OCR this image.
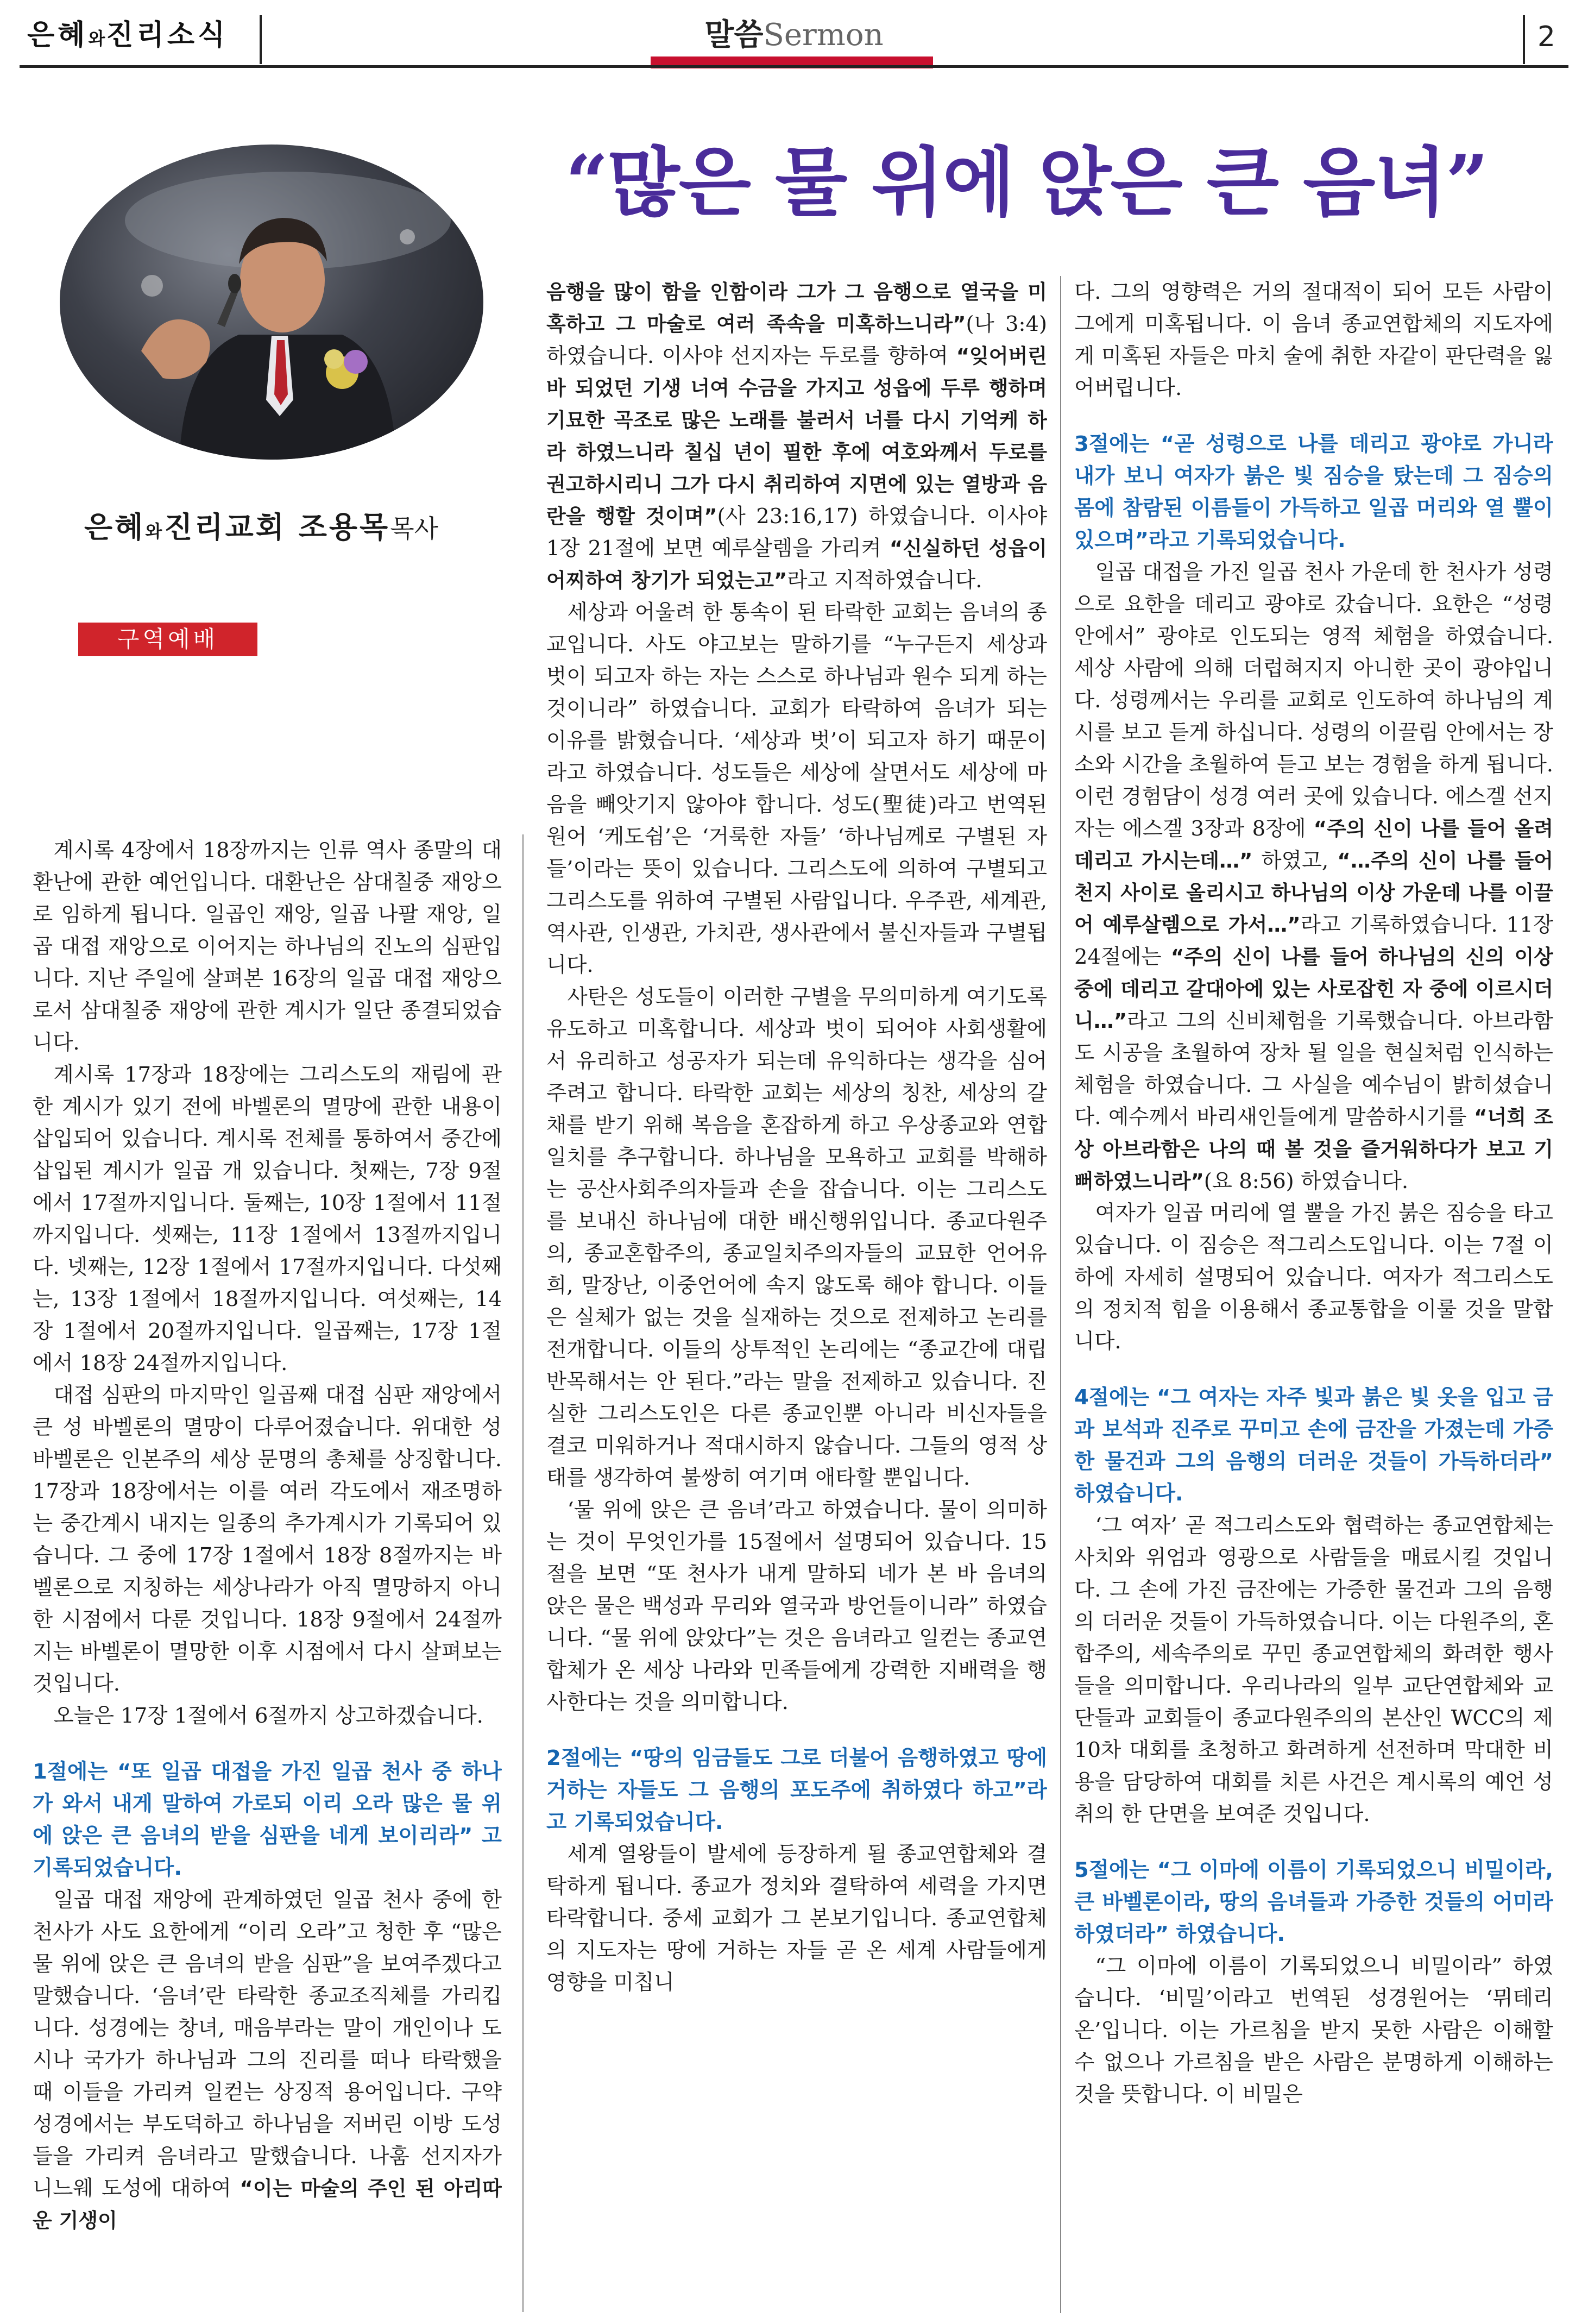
은혜와진리소식	말씀Sermon	2
은혜와진리교회 조용목목사
· 성경 : 요한계시록 17장 1절~6절
· 찬송 : 은혜와진리찬양 363장
구역예배
“많은 물 위에 앉은 큰 음녀”

계시록 4장에서 18장까지는 인류 역사 종말의 대환난에 관한 예언입니다. 대환난은 삼대칠중 재앙으로 임하게 됩니다. 일곱인 재앙, 일곱 나팔 재앙, 일곱 대접 재앙으로 이어지는 하나님의 진노의 심판입니다. 지난 주일에 살펴본 16장의 일곱 대접 재앙으로서 삼대칠중 재앙에 관한 계시가 일단 종결되었습니다.

계시록 17장과 18장에는 그리스도의 재림에 관한 계시가 있기 전에 바벨론의 멸망에 관한 내용이 삽입되어 있습니다. 계시록 전체를 통하여서 중간에 삽입된 계시가 일곱 개 있습니다. 첫째는, 7장 9절에서 17절까지입니다. 둘째는, 10장 1절에서 11절까지입니다. 셋째는, 11장 1절에서 13절까지입니다. 넷째는, 12장 1절에서 17절까지입니다. 다섯째는, 13장 1절에서 18절까지입니다. 여섯째는, 14장 1절에서 20절까지입니다. 일곱째는, 17장 1절에서 18장 24절까지입니다.

대접 심판의 마지막인 일곱째 대접 심판 재앙에서 큰 성 바벨론의 멸망이 다루어졌습니다. 위대한 성 바벨론은 인본주의 세상 문명의 총체를 상징합니다. 17장과 18장에서는 이를 여러 각도에서 재조명하는 중간계시 내지는 일종의 추가계시가 기록되어 있습니다. 그 중에 17장 1절에서 18장 8절까지는 바벨론으로 지칭하는 세상나라가 아직 멸망하지 아니한 시점에서 다룬 것입니다. 18장 9절에서 24절까지는 바벨론이 멸망한 이후 시점에서 다시 살펴보는 것입니다.

오늘은 17장 1절에서 6절까지 상고하겠습니다.

1절에는 “또 일곱 대접을 가진 일곱 천사 중 하나가 와서 내게 말하여 가로되 이리 오라 많은 물 위에 앉은 큰 음녀의 받을 심판을 네게 보이리라” 고 기록되었습니다.

일곱 대접 재앙에 관계하였던 일곱 천사 중에 한 천사가 사도 요한에게 “이리 오라”고 청한 후 “많은 물 위에 앉은 큰 음녀의 받을 심판”을 보여주겠다고 말했습니다. ‘음녀’란 타락한 종교조직체를 가리킵니다. 성경에는 창녀, 매음부라는 말이 개인이나 도시나 국가가 하나님과 그의 진리를 떠나 타락했을 때 이들을 가리켜 일컫는 상징적 용어입니다. 구약성경에서는 부도덕하고 하나님을 저버린 이방 도성들을 가리켜 음녀라고 말했습니다. 나훔 선지자가 니느웨 도성에 대하여 “이는 마술의 주인 된 아리따운 기생이

음행을 많이 함을 인함이라 그가 그 음행으로 열국을 미혹하고 그 마술로 여러 족속을 미혹하느니라”(나 3:4) 하였습니다. 이사야 선지자는 두로를 향하여 “잊어버린 바 되었던 기생 너여 수금을 가지고 성읍에 두루 행하며 기묘한 곡조로 많은 노래를 불러서 너를 다시 기억케 하라 하였느니라 칠십 년이 필한 후에 여호와께서 두로를 권고하시리니 그가 다시 취리하여 지면에 있는 열방과 음란을 행할 것이며”(사 23:16,17) 하였습니다. 이사야 1장 21절에 보면 예루살렘을 가리켜 “신실하던 성읍이 어찌하여 창기가 되었는고”라고 지적하였습니다.

세상과 어울려 한 통속이 된 타락한 교회는 음녀의 종교입니다. 사도 야고보는 말하기를 “누구든지 세상과 벗이 되고자 하는 자는 스스로 하나님과 원수 되게 하는 것이니라” 하였습니다. 교회가 타락하여 음녀가 되는 이유를 밝혔습니다. ‘세상과 벗’이 되고자 하기 때문이라고 하였습니다. 성도들은 세상에 살면서도 세상에 마음을 빼앗기지 않아야 합니다. 성도(聖徒)라고 번역된 원어 ‘케도쉼’은 ‘거룩한 자들’ ‘하나님께로 구별된 자들’이라는 뜻이 있습니다. 그리스도에 의하여 구별되고 그리스도를 위하여 구별된 사람입니다. 우주관, 세계관, 역사관, 인생관, 가치관, 생사관에서 불신자들과 구별됩니다.

사탄은 성도들이 이러한 구별을 무의미하게 여기도록 유도하고 미혹합니다. 세상과 벗이 되어야 사회생활에서 유리하고 성공자가 되는데 유익하다는 생각을 심어주려고 합니다. 타락한 교회는 세상의 칭찬, 세상의 갈채를 받기 위해 복음을 혼잡하게 하고 우상종교와 연합 일치를 추구합니다. 하나님을 모욕하고 교회를 박해하는 공산사회주의자들과 손을 잡습니다. 이는 그리스도를 보내신 하나님에 대한 배신행위입니다. 종교다원주의, 종교혼합주의, 종교일치주의자들의 교묘한 언어유희, 말장난, 이중언어에 속지 않도록 해야 합니다. 이들은 실체가 없는 것을 실재하는 것으로 전제하고 논리를 전개합니다. 이들의 상투적인 논리에는 “종교간에 대립 반목해서는 안 된다.”라는 말을 전제하고 있습니다. 진실한 그리스도인은 다른 종교인뿐 아니라 비신자들을 결코 미워하거나 적대시하지 않습니다. 그들의 영적 상태를 생각하여 불쌍히 여기며 애타할 뿐입니다.

‘물 위에 앉은 큰 음녀’라고 하였습니다. 물이 의미하는 것이 무엇인가를 15절에서 설명되어 있습니다. 15절을 보면 “또 천사가 내게 말하되 네가 본 바 음녀의 앉은 물은 백성과 무리와 열국과 방언들이니라” 하였습니다. “물 위에 앉았다”는 것은 음녀라고 일컫는 종교연합체가 온 세상 나라와 민족들에게 강력한 지배력을 행사한다는 것을 의미합니다.

2절에는 “땅의 임금들도 그로 더불어 음행하였고 땅에 거하는 자들도 그 음행의 포도주에 취하였다 하고”라고 기록되었습니다.

세계 열왕들이 발세에 등장하게 될 종교연합체와 결탁하게 됩니다. 종교가 정치와 결탁하여 세력을 가지면 타락합니다. 중세 교회가 그 본보기입니다. 종교연합체의 지도자는 땅에 거하는 자들 곧 온 세계 사람들에게 영향을 미칩니

다. 그의 영향력은 거의 절대적이 되어 모든 사람이 그에게 미혹됩니다. 이 음녀 종교연합체의 지도자에게 미혹된 자들은 마치 술에 취한 자같이 판단력을 잃어버립니다.

3절에는 “곧 성령으로 나를 데리고 광야로 가니라 내가 보니 여자가 붉은 빛 짐승을 탔는데 그 짐승의 몸에 참람된 이름들이 가득하고 일곱 머리와 열 뿔이 있으며”라고 기록되었습니다.

일곱 대접을 가진 일곱 천사 가운데 한 천사가 성령으로 요한을 데리고 광야로 갔습니다. 요한은 “성령 안에서” 광야로 인도되는 영적 체험을 하였습니다. 세상 사람에 의해 더럽혀지지 아니한 곳이 광야입니다. 성령께서는 우리를 교회로 인도하여 하나님의 계시를 보고 듣게 하십니다. 성령의 이끌림 안에서는 장소와 시간을 초월하여 듣고 보는 경험을 하게 됩니다. 이런 경험담이 성경 여러 곳에 있습니다. 에스겔 선지자는 에스겔 3장과 8장에 “주의 신이 나를 들어 올려 데리고 가시는데…” 하였고, “…주의 신이 나를 들어 천지 사이로 올리시고 하나님의 이상 가운데 나를 이끌어 예루살렘으로 가서…”라고 기록하였습니다. 11장 24절에는 “주의 신이 나를 들어 하나님의 신의 이상 중에 데리고 갈대아에 있는 사로잡힌 자 중에 이르시더니…”라고 그의 신비체험을 기록했습니다. 아브라함도 시공을 초월하여 장차 될 일을 현실처럼 인식하는 체험을 하였습니다. 그 사실을 예수님이 밝히셨습니다. 예수께서 바리새인들에게 말씀하시기를 “너희 조상 아브라함은 나의 때 볼 것을 즐거워하다가 보고 기뻐하였느니라”(요 8:56) 하였습니다.

여자가 일곱 머리에 열 뿔을 가진 붉은 짐승을 타고 있습니다. 이 짐승은 적그리스도입니다. 이는 7절 이하에 자세히 설명되어 있습니다. 여자가 적그리스도의 정치적 힘을 이용해서 종교통합을 이룰 것을 말합니다.

4절에는 “그 여자는 자주 빛과 붉은 빛 옷을 입고 금과 보석과 진주로 꾸미고 손에 금잔을 가졌는데 가증한 물건과 그의 음행의 더러운 것들이 가득하더라” 하였습니다.

‘그 여자’ 곧 적그리스도와 협력하는 종교연합체는 사치와 위엄과 영광으로 사람들을 매료시킬 것입니다. 그 손에 가진 금잔에는 가증한 물건과 그의 음행의 더러운 것들이 가득하였습니다. 이는 다원주의, 혼합주의, 세속주의로 꾸민 종교연합체의 화려한 행사들을 의미합니다. 우리나라의 일부 교단연합체와 교단들과 교회들이 종교다원주의의 본산인 WCC의 제10차 대회를 초청하고 화려하게 선전하며 막대한 비용을 담당하여 대회를 치른 사건은 계시록의 예언 성취의 한 단면을 보여준 것입니다.

5절에는 “그 이마에 이름이 기록되었으니 비밀이라, 큰 바벨론이라, 땅의 음녀들과 가증한 것들의 어미라 하였더라” 하였습니다.

“그 이마에 이름이 기록되었으니 비밀이라” 하였습니다. ‘비밀’이라고 번역된 성경원어는 ‘뮈테리온’입니다. 이는 가르침을 받지 못한 사람은 이해할 수 없으나 가르침을 받은 사람은 분명하게 이해하는 것을 뜻합니다. 이 비밀은
